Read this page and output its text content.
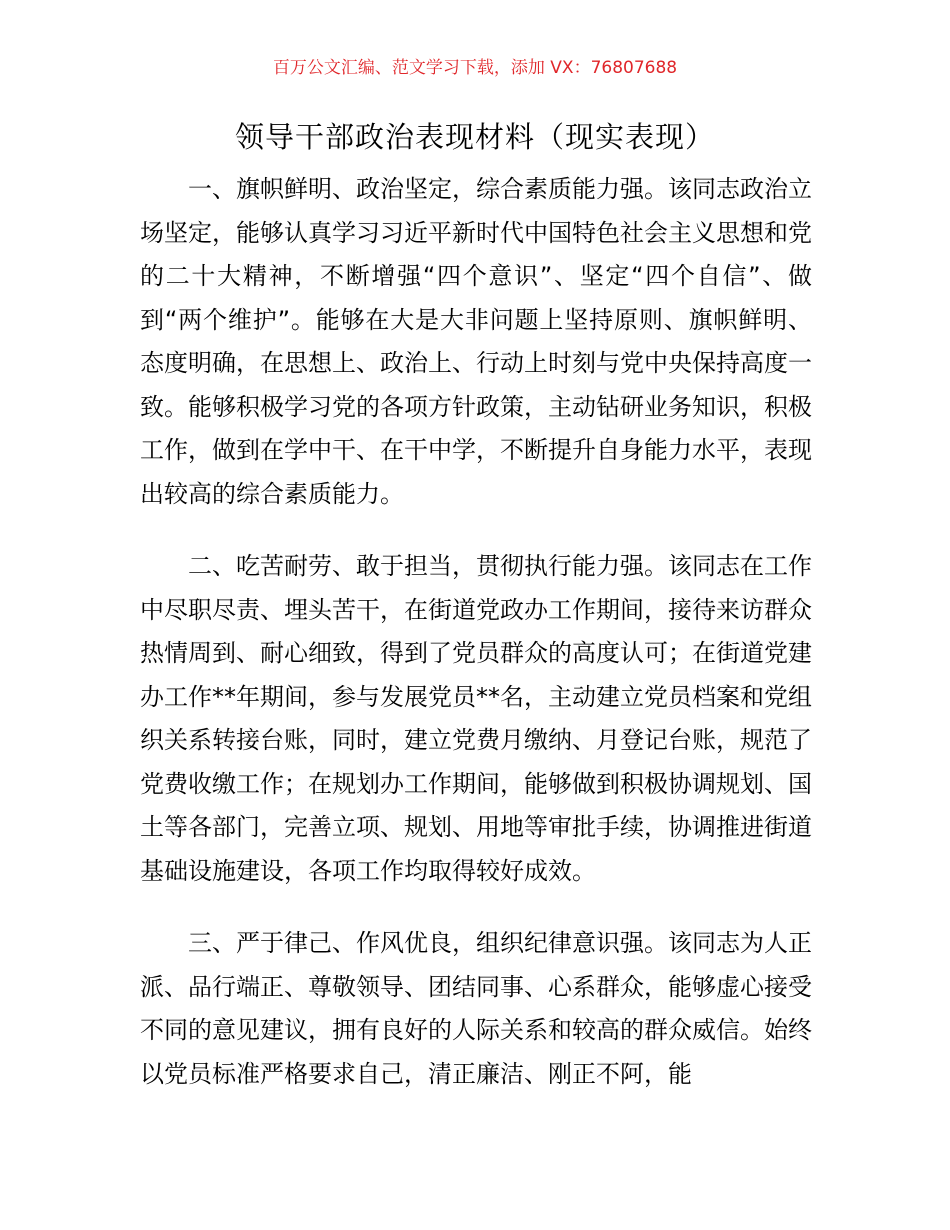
百万公文汇编、范文学习下载，添加 VX：76807688
领导干部政治表现材料（现实表现）

一、旗帜鲜明、政治坚定，综合素质能力强。该同志政治立场坚定，能够认真学习习近平新时代中国特色社会主义思想和党的二十大精神，不断增强“四个意识”、坚定“四个自信”、做到“两个维护”。能够在大是大非问题上坚持原则、旗帜鲜明、态度明确，在思想上、政治上、行动上时刻与党中央保持高度一致。能够积极学习党的各项方针政策，主动钻研业务知识，积极工作，做到在学中干、在干中学，不断提升自身能力水平，表现出较高的综合素质能力。

二、吃苦耐劳、敢于担当，贯彻执行能力强。该同志在工作中尽职尽责、埋头苦干，在街道党政办工作期间，接待来访群众热情周到、耐心细致，得到了党员群众的高度认可；在街道党建办工作**年期间，参与发展党员**名，主动建立党员档案和党组织关系转接台账，同时，建立党费月缴纳、月登记台账，规范了党费收缴工作；在规划办工作期间，能够做到积极协调规划、国土等各部门，完善立项、规划、用地等审批手续，协调推进街道基础设施建设，各项工作均取得较好成效。

三、严于律己、作风优良，组织纪律意识强。该同志为人正派、品行端正、尊敬领导、团结同事、心系群众，能够虚心接受不同的意见建议，拥有良好的人际关系和较高的群众威信。始终以党员标准严格要求自己，清正廉洁、刚正不阿，能
